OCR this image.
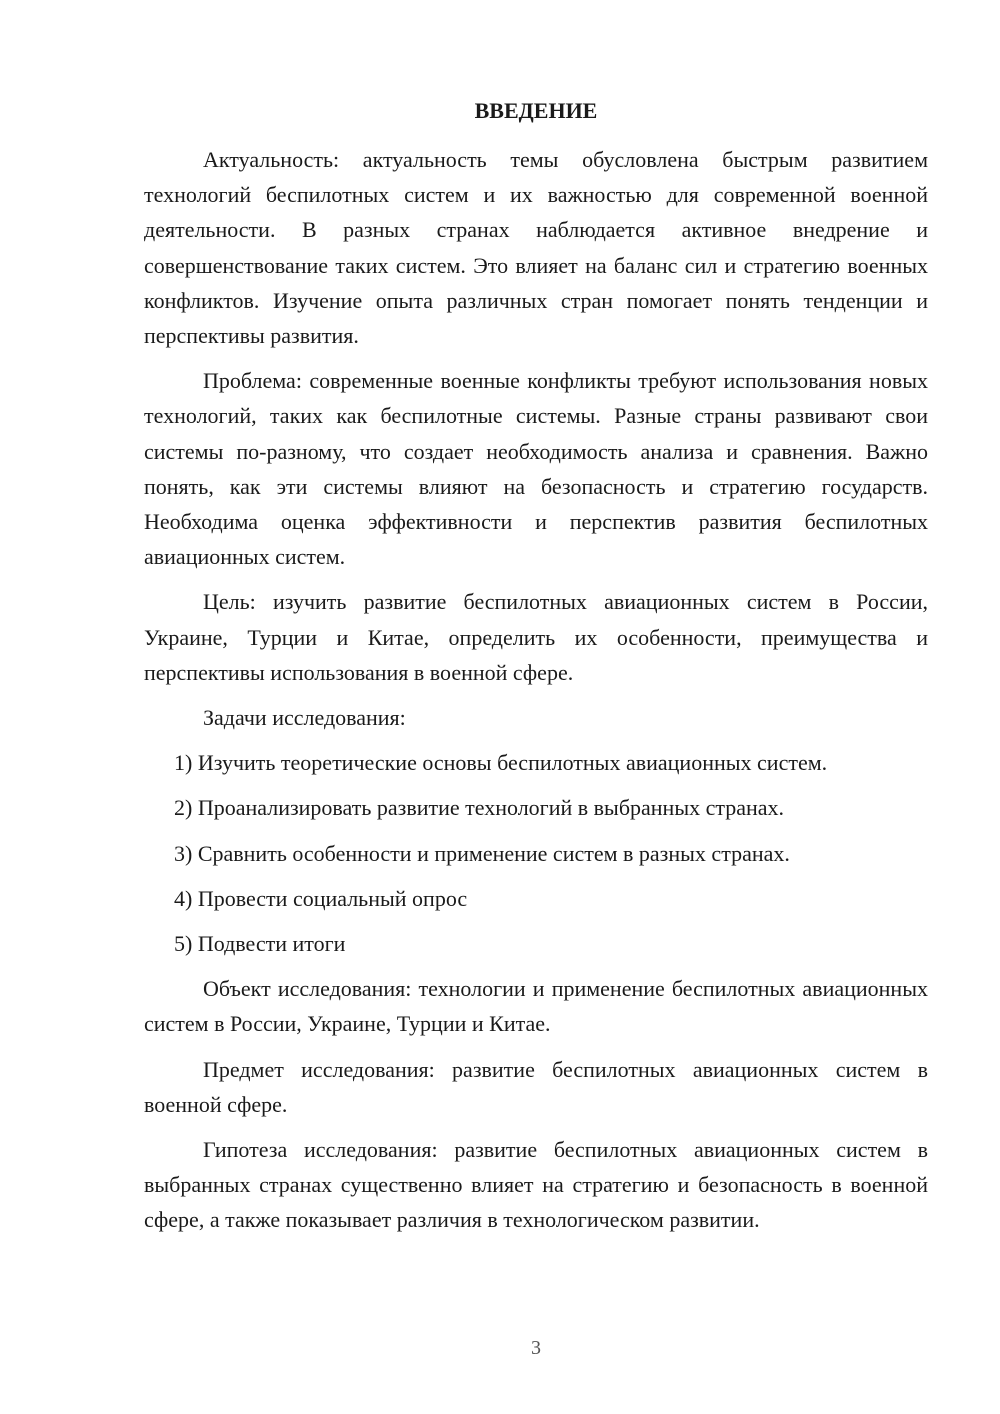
ВВЕДЕНИЕ

Актуальность: актуальность темы обусловлена быстрым развитием технологий беспилотных систем и их важностью для современной военной деятельности. В разных странах наблюдается активное внедрение и совершенствование таких систем. Это влияет на баланс сил и стратегию военных конфликтов. Изучение опыта различных стран помогает понять тенденции и перспективы развития.

Проблема: современные военные конфликты требуют использования новых технологий, таких как беспилотные системы. Разные страны развивают свои системы по-разному, что создает необходимость анализа и сравнения. Важно понять, как эти системы влияют на безопасность и стратегию государств. Необходима оценка эффективности и перспектив развития беспилотных авиационных систем.

Цель: изучить развитие беспилотных авиационных систем в России, Украине, Турции и Китае, определить их особенности, преимущества и перспективы использования в военной сфере.

Задачи исследования:

1) Изучить теоретические основы беспилотных авиационных систем.
2) Проанализировать развитие технологий в выбранных странах.
3) Сравнить особенности и применение систем в разных странах.
4) Провести социальный опрос
5) Подвести итоги

Объект исследования: технологии и применение беспилотных авиационных систем в России, Украине, Турции и Китае.

Предмет исследования: развитие беспилотных авиационных систем в военной сфере.

Гипотеза исследования: развитие беспилотных авиационных систем в выбранных странах существенно влияет на стратегию и безопасность в военной сфере, а также показывает различия в технологическом развитии.

3
